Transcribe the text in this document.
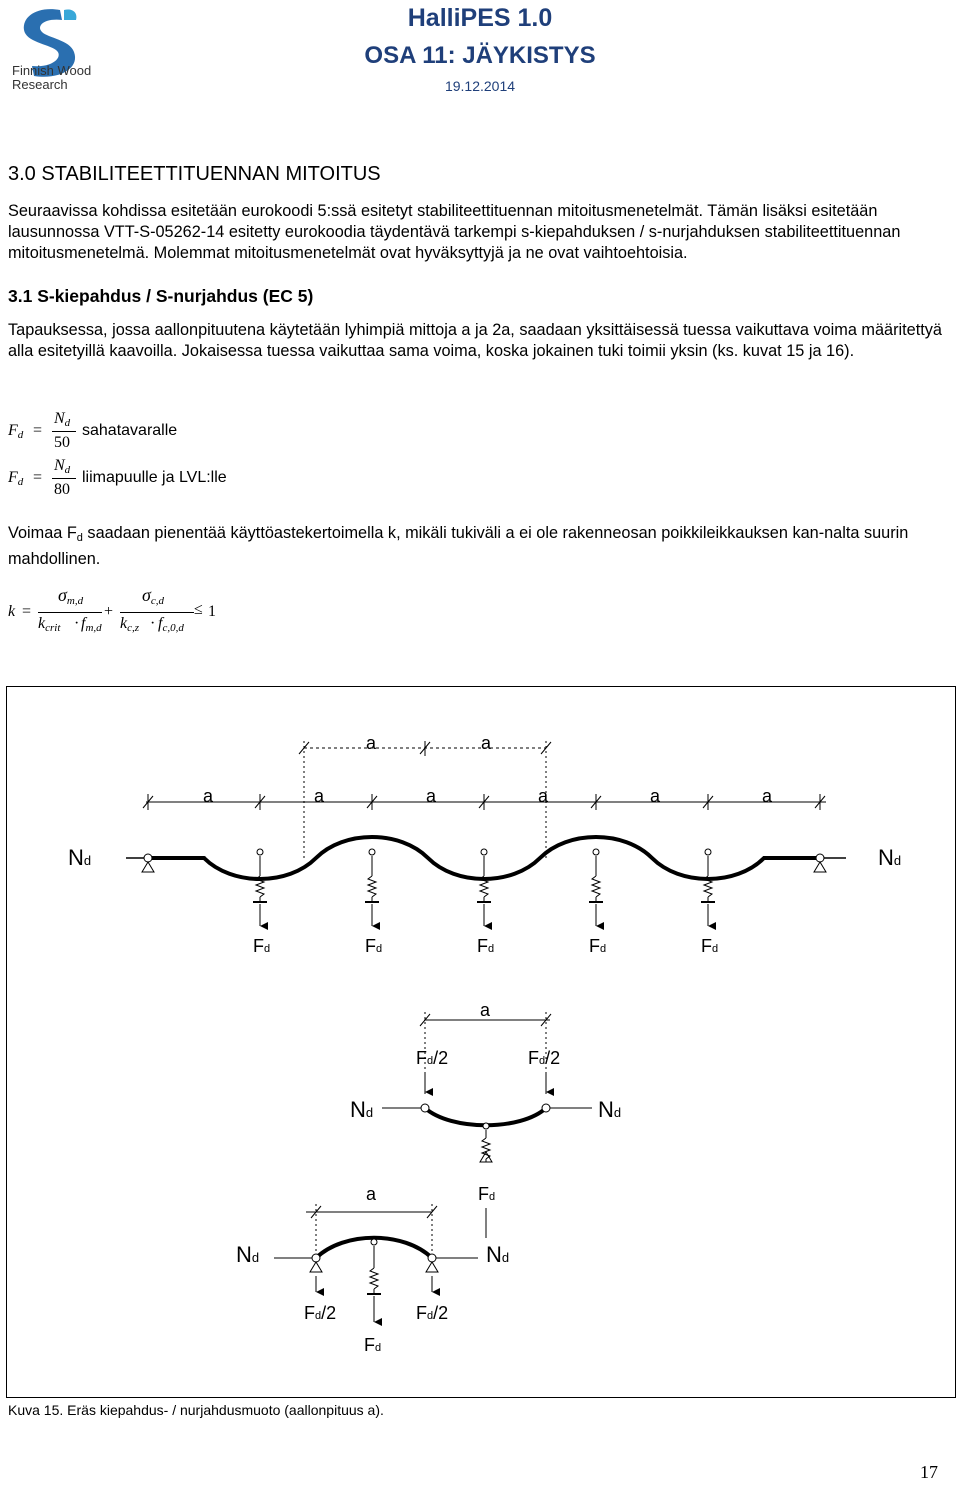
Finnish Wood
Research
HalliPES 1.0
OSA 11: JÄYKISTYS
19.12.2014
3.0 STABILITEETTITUENNAN MITOITUS
Seuraavissa kohdissa esitetään eurokoodi 5:ssä esitetyt stabiliteettituennan mitoitusmenetelmät. Tämän lisäksi esitetään lausunnossa VTT-S-05262-14 esitetty eurokoodia täydentävä tarkempi s-kiepahduksen / s-nurjahduksen stabiliteettituennan mitoitusmenetelmä. Molemmat mitoitusmenetelmät ovat hyväksyttyjä ja ne ovat vaihtoehtoisia.
3.1 S-kiepahdus / S-nurjahdus (EC 5)
Tapauksessa, jossa aallonpituutena käytetään lyhimpiä mittoja a ja 2a, saadaan yksittäisessä tuessa vaikuttava voima määritettyä alla esitetyillä kaavoilla. Jokaisessa tuessa vaikuttaa sama voima, koska jokainen tuki toimii yksin (ks. kuvat 15 ja 16).
$F_d$ =
$N_d$
50
sahatavaralle
$F_d$ =
$N_d$
80
liimapuulle ja LVL:lle
Voimaa $F_d$ saadaan pienentää käyttöastekertoimella k, mikäli tukiväli a ei ole rakenneosan poikkileikkauksen kan-nalta suurin mahdollinen.
k =
$\sigma_{m,d}$
$k_{crit} \cdot f_{m,d}$
+
$\sigma_{c,d}$
$k_{c,z} \cdot f_{c,0,d}$
≤ 1
a	a
a	a	a	a	a	a
Nd	Nd
Fd	Fd	Fd	Fd	Fd
a
Fd/2	Fd/2
Nd	Nd
a	Fd
Nd	Nd
Fd/2	Fd/2
Fd
Kuva 15. Eräs kiepahdus- / nurjahdusmuoto (aallonpituus a).
17
